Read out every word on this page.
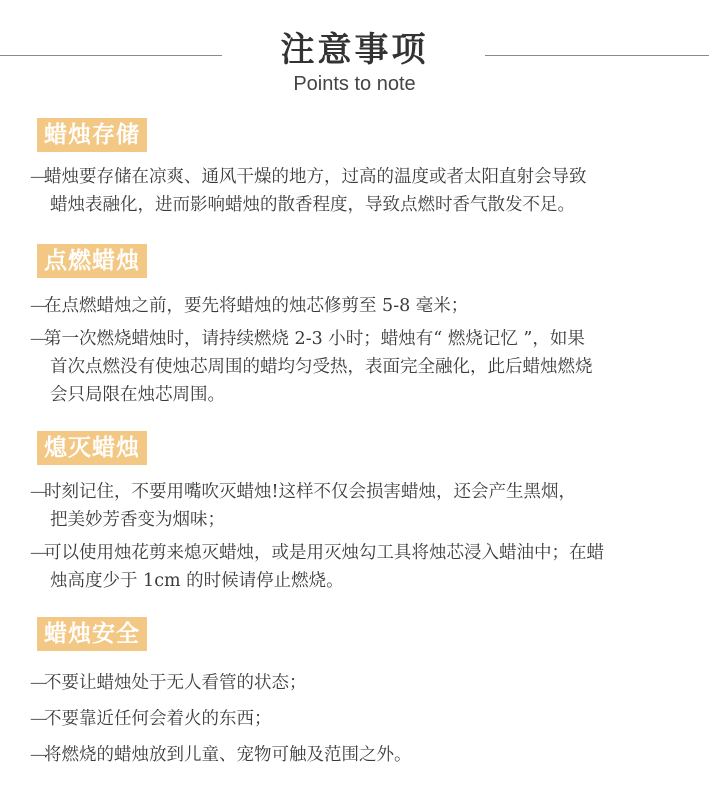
注意事项
Points to note
蜡烛存储
—蜡烛要存储在凉爽、通风干燥的地方，过高的温度或者太阳直射会导致
蜡烛表融化，进而影响蜡烛的散香程度，导致点燃时香气散发不足。
点燃蜡烛
—在点燃蜡烛之前，要先将蜡烛的烛芯修剪至 5-8 毫米；
—第一次燃烧蜡烛时，请持续燃烧 2-3 小时；蜡烛有“ 燃烧记忆 ”，如果
首次点燃没有使烛芯周围的蜡均匀受热，表面完全融化，此后蜡烛燃烧
会只局限在烛芯周围。
熄灭蜡烛
—时刻记住，不要用嘴吹灭蜡烛!这样不仅会损害蜡烛，还会产生黑烟，
把美妙芳香变为烟味；
—可以使用烛花剪来熄灭蜡烛，或是用灭烛勾工具将烛芯浸入蜡油中；在蜡
烛高度少于 1cm 的时候请停止燃烧。
蜡烛安全
—不要让蜡烛处于无人看管的状态；
—不要靠近任何会着火的东西；
—将燃烧的蜡烛放到儿童、宠物可触及范围之外。
